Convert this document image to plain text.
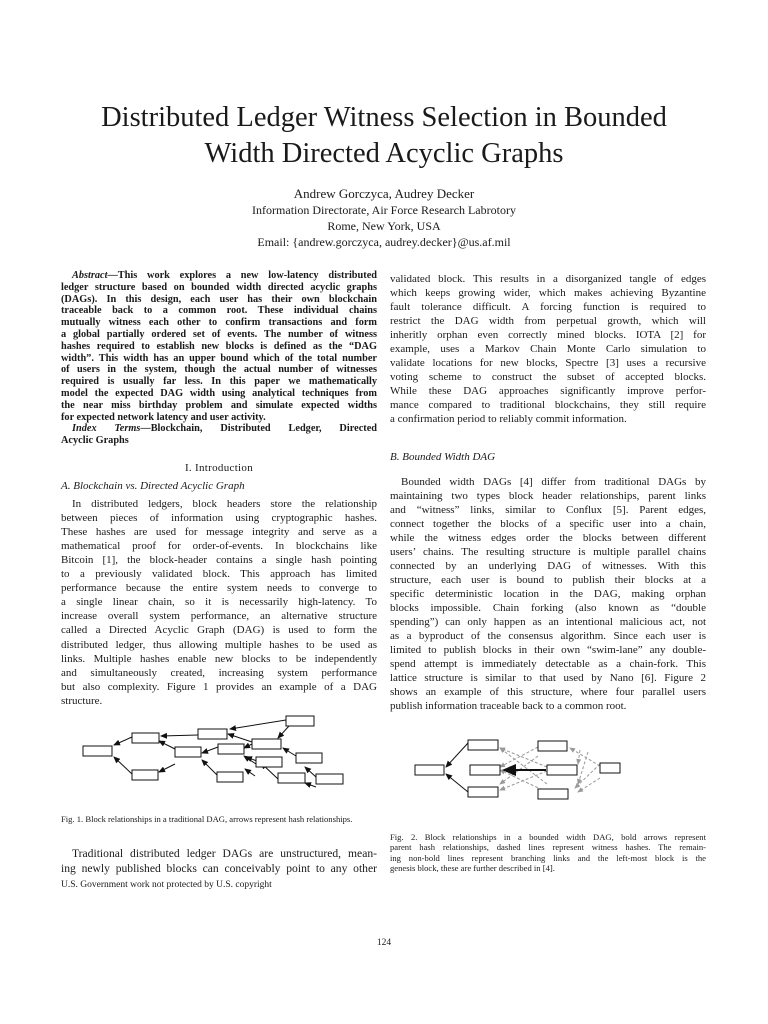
Distributed Ledger Witness Selection in Bounded
Width Directed Acyclic Graphs
Andrew Gorczyca, Audrey Decker
Information Directorate, Air Force Research Labrotory
Rome, New York, USA
Email: {andrew.gorczyca, audrey.decker}@us.af.mil
Abstract—This work explores a new low-latency distributed
ledger structure based on bounded width directed acyclic graphs
(DAGs). In this design, each user has their own blockchain
traceable back to a common root. These individual chains
mutually witness each other to confirm transactions and form
a global partially ordered set of events. The number of witness
hashes required to establish new blocks is defined as the “DAG
width”. This width has an upper bound which of the total number
of users in the system, though the actual number of witnesses
required is usually far less. In this paper we mathematically
model the expected DAG width using analytical techniques from
the near miss birthday problem and simulate expected widths
for expected network latency and user activity.
Index Terms—Blockchain, Distributed Ledger, Directed
Acyclic Graphs
I. Introduction
A. Blockchain vs. Directed Acyclic Graph
In distributed ledgers, block headers store the relationship
between pieces of information using cryptographic hashes.
These hashes are used for message integrity and serve as a
mathematical proof for order-of-events. In blockchains like
Bitcoin [1], the block-header contains a single hash pointing
to a previously validated block. This approach has limited
performance because the entire system needs to converge to
a single linear chain, so it is necessarily high-latency. To
increase overall system performance, an alternative structure
called a Directed Acyclic Graph (DAG) is used to form the
distributed ledger, thus allowing multiple hashes to be used as
links. Multiple hashes enable new blocks to be independently
and simultaneously created, increasing system performance
but also complexity. Figure 1 provides an example of a DAG
structure.
Fig. 1. Block relationships in a traditional DAG, arrows represent hash relationships.
Traditional distributed ledger DAGs are unstructured, mean-
ing newly published blocks can conceivably point to any other
U.S. Government work not protected by U.S. copyright
validated block. This results in a disorganized tangle of edges
which keeps growing wider, which makes achieving Byzantine
fault tolerance difficult. A forcing function is required to
restrict the DAG width from perpetual growth, which will
inheritly orphan even correctly mined blocks. IOTA [2] for
example, uses a Markov Chain Monte Carlo simulation to
validate locations for new blocks, Spectre [3] uses a recursive
voting scheme to construct the subset of accepted blocks.
While these DAG approaches significantly improve perfor-
mance compared to traditional blockchains, they still require
a confirmation period to reliably commit information.
B. Bounded Width DAG
Bounded width DAGs [4] differ from traditional DAGs by
maintaining two types block header relationships, parent links
and “witness” links, similar to Conflux [5]. Parent edges,
connect together the blocks of a specific user into a chain,
while the witness edges order the blocks between different
users’ chains. The resulting structure is multiple parallel chains
connected by an underlying DAG of witnesses. With this
structure, each user is bound to publish their blocks at a
specific deterministic location in the DAG, making orphan
blocks impossible. Chain forking (also known as “double
spending”) can only happen as an intentional malicious act, not
as a byproduct of the consensus algorithm. Since each user is
limited to publish blocks in their own “swim-lane” any double-
spend attempt is immediately detectable as a chain-fork. This
lattice structure is similar to that used by Nano [6]. Figure 2
shows an example of this structure, where four parallel users
publish information traceable back to a common root.
Fig. 2. Block relationships in a bounded width DAG, bold arrows represent
parent hash relationships, dashed lines represent witness hashes. The remain-
ing non-bold lines represent branching links and the left-most block is the
genesis block, these are further described in [4].
124
